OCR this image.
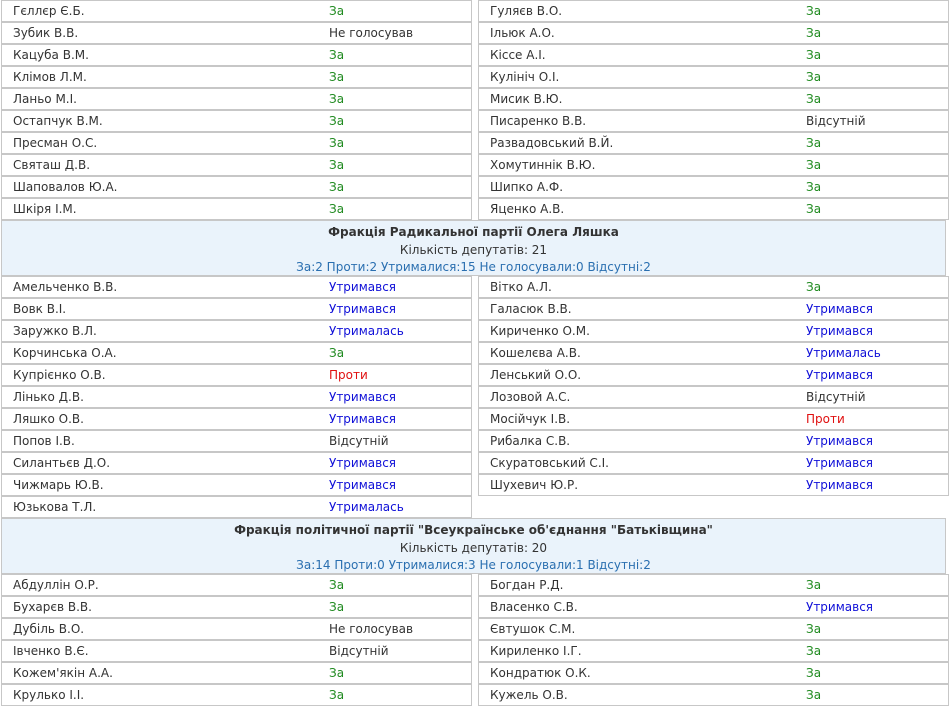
Гєллєр Є.Б.	За	Гуляєв В.О.	За
Зубик В.В.	Не голосував	Ільюк А.О.	За
Кацуба В.М.	За	Кіссе А.І.	За
Клімов Л.М.	За	Кулініч О.І.	За
Ланьо М.І.	За	Мисик В.Ю.	За
Остапчук В.М.	За	Писаренко В.В.	Відсутній
Пресман О.С.	За	Развадовський В.Й.	За
Святаш Д.В.	За	Хомутиннік В.Ю.	За
Шаповалов Ю.А.	За	Шипко А.Ф.	За
Шкіря І.М.	За	Яценко А.В.	За
Фракція Радикальної партії Олега Ляшка
Кількість депутатів: 21
За:2 Проти:2 Утрималися:15 Не голосували:0 Відсутні:2
Амельченко В.В.	Утримався	Вітко А.Л.	За
Вовк В.І.	Утримався	Галасюк В.В.	Утримався
Заружко В.Л.	Утрималась	Кириченко О.М.	Утримався
Корчинська О.А.	За	Кошелєва А.В.	Утрималась
Купрієнко О.В.	Проти	Ленський О.О.	Утримався
Лінько Д.В.	Утримався	Лозовой А.С.	Відсутній
Ляшко О.В.	Утримався	Мосійчук І.В.	Проти
Попов І.В.	Відсутній	Рибалка С.В.	Утримався
Силантьєв Д.О.	Утримався	Скуратовський С.І.	Утримався
Чижмарь Ю.В.	Утримався	Шухевич Ю.Р.	Утримався
Юзькова Т.Л.	Утрималась
Фракція політичної партії "Всеукраїнське об'єднання "Батьківщина"
Кількість депутатів: 20
За:14 Проти:0 Утрималися:3 Не голосували:1 Відсутні:2
Абдуллін О.Р.	За	Богдан Р.Д.	За
Бухарєв В.В.	За	Власенко С.В.	Утримався
Дубіль В.О.	Не голосував	Євтушок С.М.	За
Івченко В.Є.	Відсутній	Кириленко І.Г.	За
Кожем'якін А.А.	За	Кондратюк О.К.	За
Крулько І.І.	За	Кужель О.В.	За
